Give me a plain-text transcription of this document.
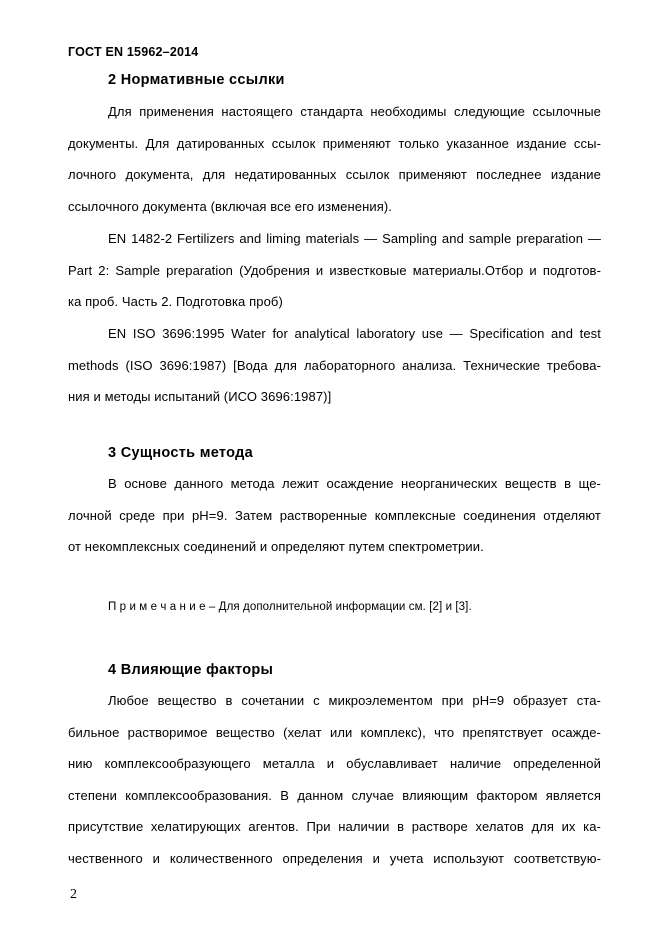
ГОСТ EN 15962–2014
2 Нормативные ссылки
Для применения настоящего стандарта необходимы следующие ссылочные
документы. Для датированных ссылок применяют только указанное издание ссы-
лочного документа, для недатированных ссылок применяют последнее издание
ссылочного документа (включая все его изменения).
EN 1482-2 Fertilizers and liming materials — Sampling and sample preparation —
Part 2: Sample preparation (Удобрения и известковые материалы.Отбор и подготов-
ка проб. Часть 2. Подготовка проб)
EN ISO 3696:1995 Water for analytical laboratory use — Specification and test
methods (ISO 3696:1987) [Вода для лабораторного анализа. Технические требова-
ния и методы испытаний (ИСО 3696:1987)]
3 Сущность метода
В основе данного метода лежит осаждение неорганических веществ в ще-
лочной среде при pH=9. Затем растворенные комплексные соединения отделяют
от некомплексных соединений и определяют путем спектрометрии.
П р и м е ч а н и е – Для дополнительной информации см. [2] и [3].
4 Влияющие факторы
Любое вещество в сочетании с микроэлементом при pH=9 образует ста-
бильное растворимое вещество (хелат или комплекс), что препятствует осажде-
нию комплексообразующего металла и обуславливает наличие определенной
степени комплексообразования. В данном случае влияющим фактором является
присутствие хелатирующих агентов. При наличии в растворе хелатов для их ка-
чественного и количественного определения и учета используют соответствую-
2
